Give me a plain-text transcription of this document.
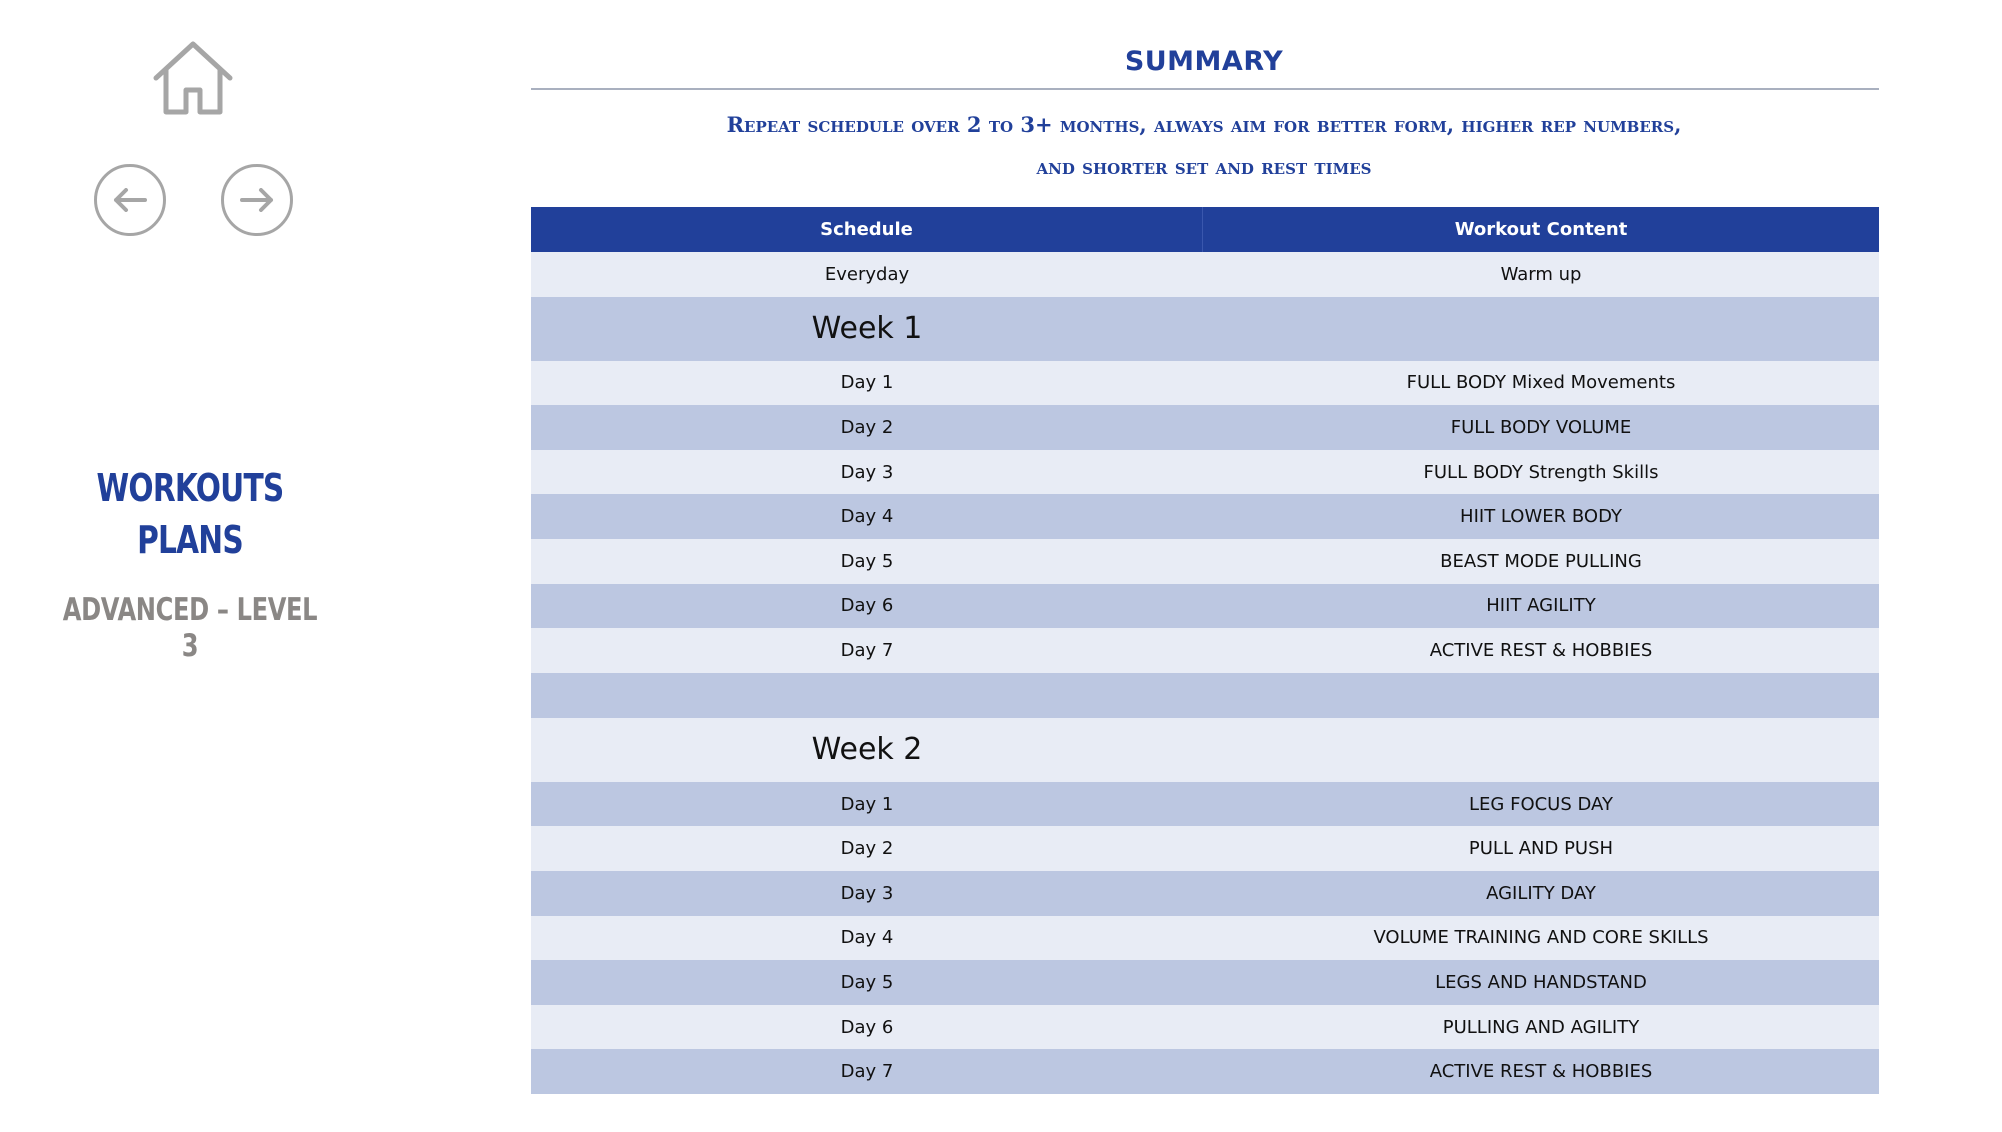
WORKOUTS
PLANS
ADVANCED – LEVEL 3
SUMMARY
Repeat schedule over 2 to 3+ months, always aim for better form, higher rep numbers,
and shorter set and rest times
Schedule	Workout Content
Everyday	Warm up
Week 1
Day 1	FULL BODY Mixed Movements
Day 2	FULL BODY VOLUME
Day 3	FULL BODY Strength Skills
Day 4	HIIT LOWER BODY
Day 5	BEAST MODE PULLING
Day 6	HIIT AGILITY
Day 7	ACTIVE REST & HOBBIES
Week 2
Day 1	LEG FOCUS DAY
Day 2	PULL AND PUSH
Day 3	AGILITY DAY
Day 4	VOLUME TRAINING AND CORE SKILLS
Day 5	LEGS AND HANDSTAND
Day 6	PULLING AND AGILITY
Day 7	ACTIVE REST & HOBBIES
